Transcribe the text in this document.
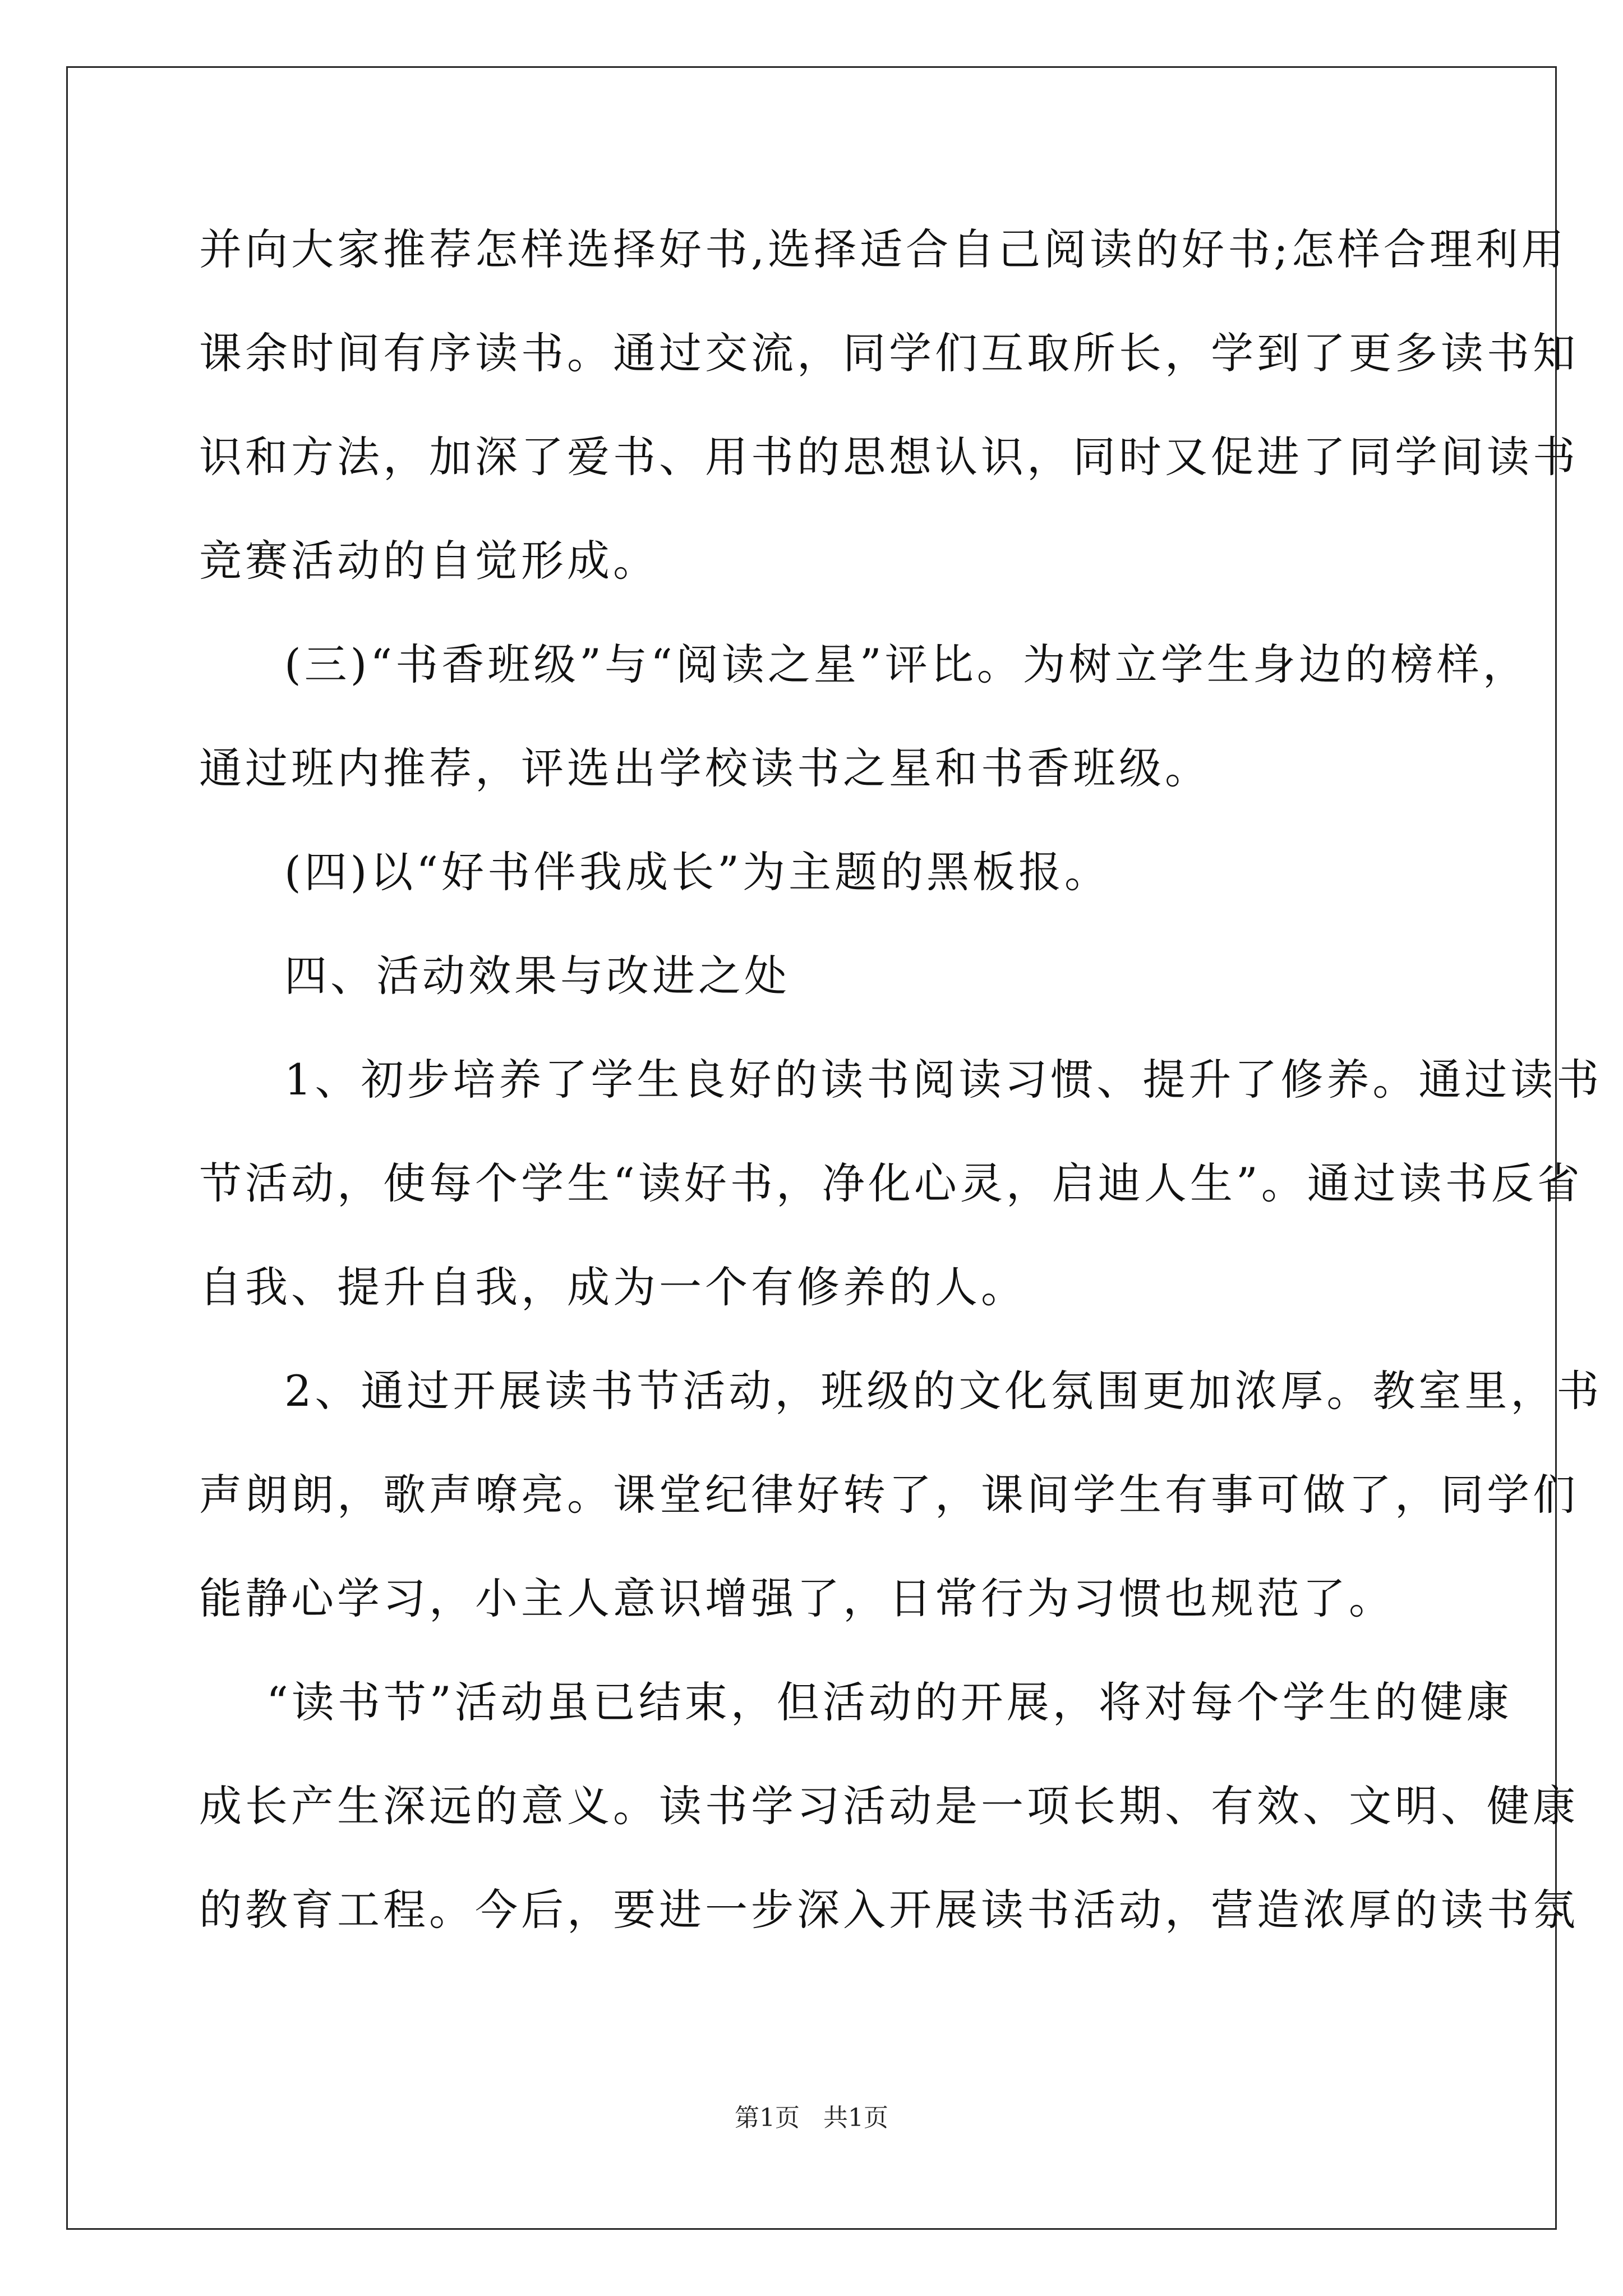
并向大家推荐怎样选择好书,选择适合自己阅读的好书;怎样合理利用
课余时间有序读书。通过交流，同学们互取所长，学到了更多读书知
识和方法，加深了爱书、用书的思想认识，同时又促进了同学间读书
竞赛活动的自觉形成。
(三)“书香班级”与“阅读之星”评比。为树立学生身边的榜样，
通过班内推荐，评选出学校读书之星和书香班级。
(四)以“好书伴我成长”为主题的黑板报。
四、活动效果与改进之处
1、初步培养了学生良好的读书阅读习惯、提升了修养。通过读书
节活动，使每个学生“读好书，净化心灵，启迪人生”。通过读书反省
自我、提升自我，成为一个有修养的人。
2、通过开展读书节活动，班级的文化氛围更加浓厚。教室里，书
声朗朗，歌声嘹亮。课堂纪律好转了，课间学生有事可做了，同学们
能静心学习，小主人意识增强了，日常行为习惯也规范了。
“读书节”活动虽已结束，但活动的开展，将对每个学生的健康
成长产生深远的意义。读书学习活动是一项长期、有效、文明、健康
的教育工程。今后，要进一步深入开展读书活动，营造浓厚的读书氛
第1页   共1页
